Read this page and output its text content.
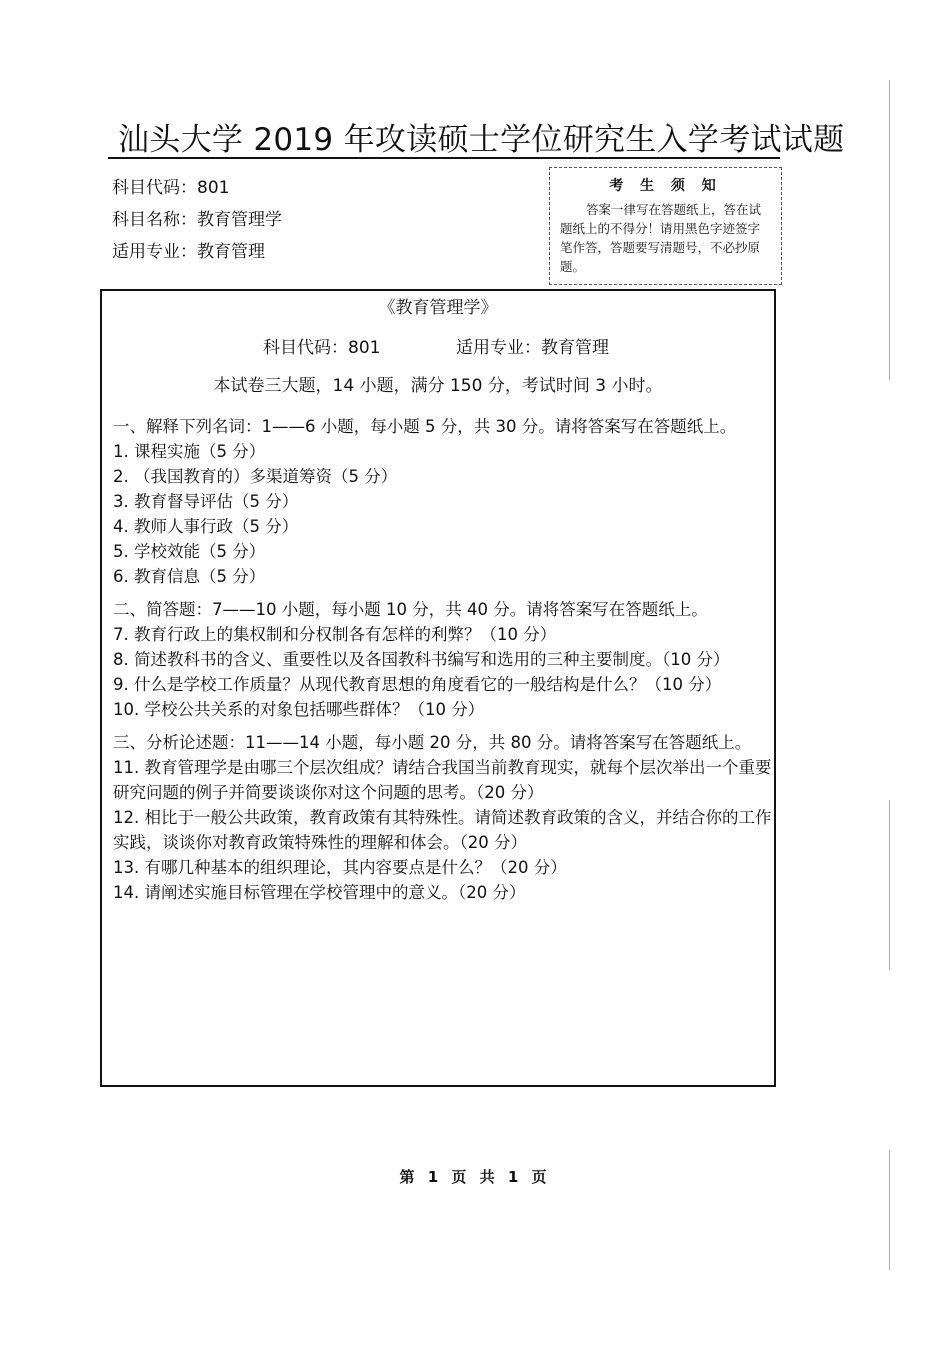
汕头大学 2019 年攻读硕士学位研究生入学考试试题
科目代码：801
科目名称：教育管理学
适用专业：教育管理
考 生 须 知
答案一律写在答题纸上，答在试题纸上的不得分！请用黑色字迹签字笔作答，答题要写清题号，不必抄原题。
《教育管理学》
科目代码：801	适用专业：教育管理
本试卷三大题，14 小题，满分 150 分，考试时间 3 小时。

一、解释下列名词：1——6 小题，每小题 5 分，共 30 分。请将答案写在答题纸上。

1. 课程实施（5 分）

2. （我国教育的）多渠道筹资（5 分）

3. 教育督导评估（5 分）

4. 教师人事行政（5 分）

5. 学校效能（5 分）

6. 教育信息（5 分）

二、简答题：7——10 小题，每小题 10 分，共 40 分。请将答案写在答题纸上。

7. 教育行政上的集权制和分权制各有怎样的利弊？（10 分）

8. 简述教科书的含义、重要性以及各国教科书编写和选用的三种主要制度。（10 分）

9. 什么是学校工作质量？从现代教育思想的角度看它的一般结构是什么？（10 分）

10. 学校公共关系的对象包括哪些群体？（10 分）

三、分析论述题：11——14 小题，每小题 20 分，共 80 分。请将答案写在答题纸上。

11. 教育管理学是由哪三个层次组成？请结合我国当前教育现实，就每个层次举出一个重要研究问题的例子并简要谈谈你对这个问题的思考。（20 分）

12. 相比于一般公共政策，教育政策有其特殊性。请简述教育政策的含义，并结合你的工作实践，谈谈你对教育政策特殊性的理解和体会。（20 分）

13. 有哪几种基本的组织理论，其内容要点是什么？（20 分）

14. 请阐述实施目标管理在学校管理中的意义。（20 分）

第 1 页 共 1 页
